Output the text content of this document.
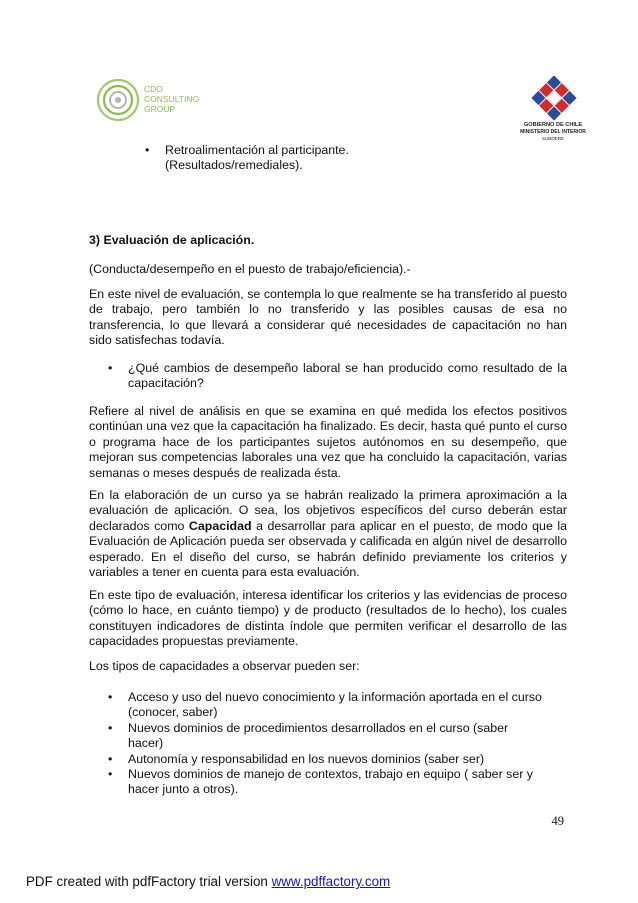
CDO
CONSULTING
GROUP
GOBIERNO DE CHILE
MINISTERIO DEL INTERIOR
SUBDERE
•	Retroalimentación al participante.
(Resultados/remediales).
3) Evaluación de aplicación.
(Conducta/desempeño en el puesto de trabajo/eficiencia).-
En este nivel de evaluación, se contempla lo que realmente se ha transferido al puesto de trabajo, pero también lo no transferido y las posibles causas de esa no transferencia, lo que llevará a considerar qué necesidades de capacitación no han sido satisfechas todavía.
• ¿Qué cambios de desempeño laboral se han producido como resultado de la capacitación?
Refiere al nivel de análisis en que se examina en qué medida los efectos positivos continúan una vez que la capacitación ha finalizado. Es decir, hasta qué punto el curso o programa hace de los participantes sujetos autónomos en su desempeño, que mejoran sus competencias laborales una vez que ha concluido la capacitación, varias semanas o meses después de realizada ésta.
En la elaboración de un curso ya se habrán realizado la primera aproximación a la evaluación de aplicación. O sea, los objetivos específicos del curso deberán estar declarados como Capacidad a desarrollar para aplicar en el puesto, de modo que la Evaluación de Aplicación pueda ser observada y calificada en algún nivel de desarrollo esperado. En el diseño del curso, se habrán definido previamente los criterios y variables a tener en cuenta para esta evaluación.
En este tipo de evaluación, interesa identificar los criterios y las evidencias de proceso (cómo lo hace, en cuánto tiempo) y de producto (resultados de lo hecho), los cuales constituyen indicadores de distinta índole que permiten verificar el desarrollo de las capacidades propuestas previamente.
Los tipos de capacidades a observar pueden ser:
• Acceso y uso del nuevo conocimiento y la información aportada en el curso (conocer, saber)
• Nuevos dominios de procedimientos desarrollados en el curso (saber hacer)
• Autonomía y responsabilidad en los nuevos dominios (saber ser)
• Nuevos dominios de manejo de contextos, trabajo en equipo ( saber ser y hacer junto a otros).
49
PDF created with pdfFactory trial version www.pdffactory.com
